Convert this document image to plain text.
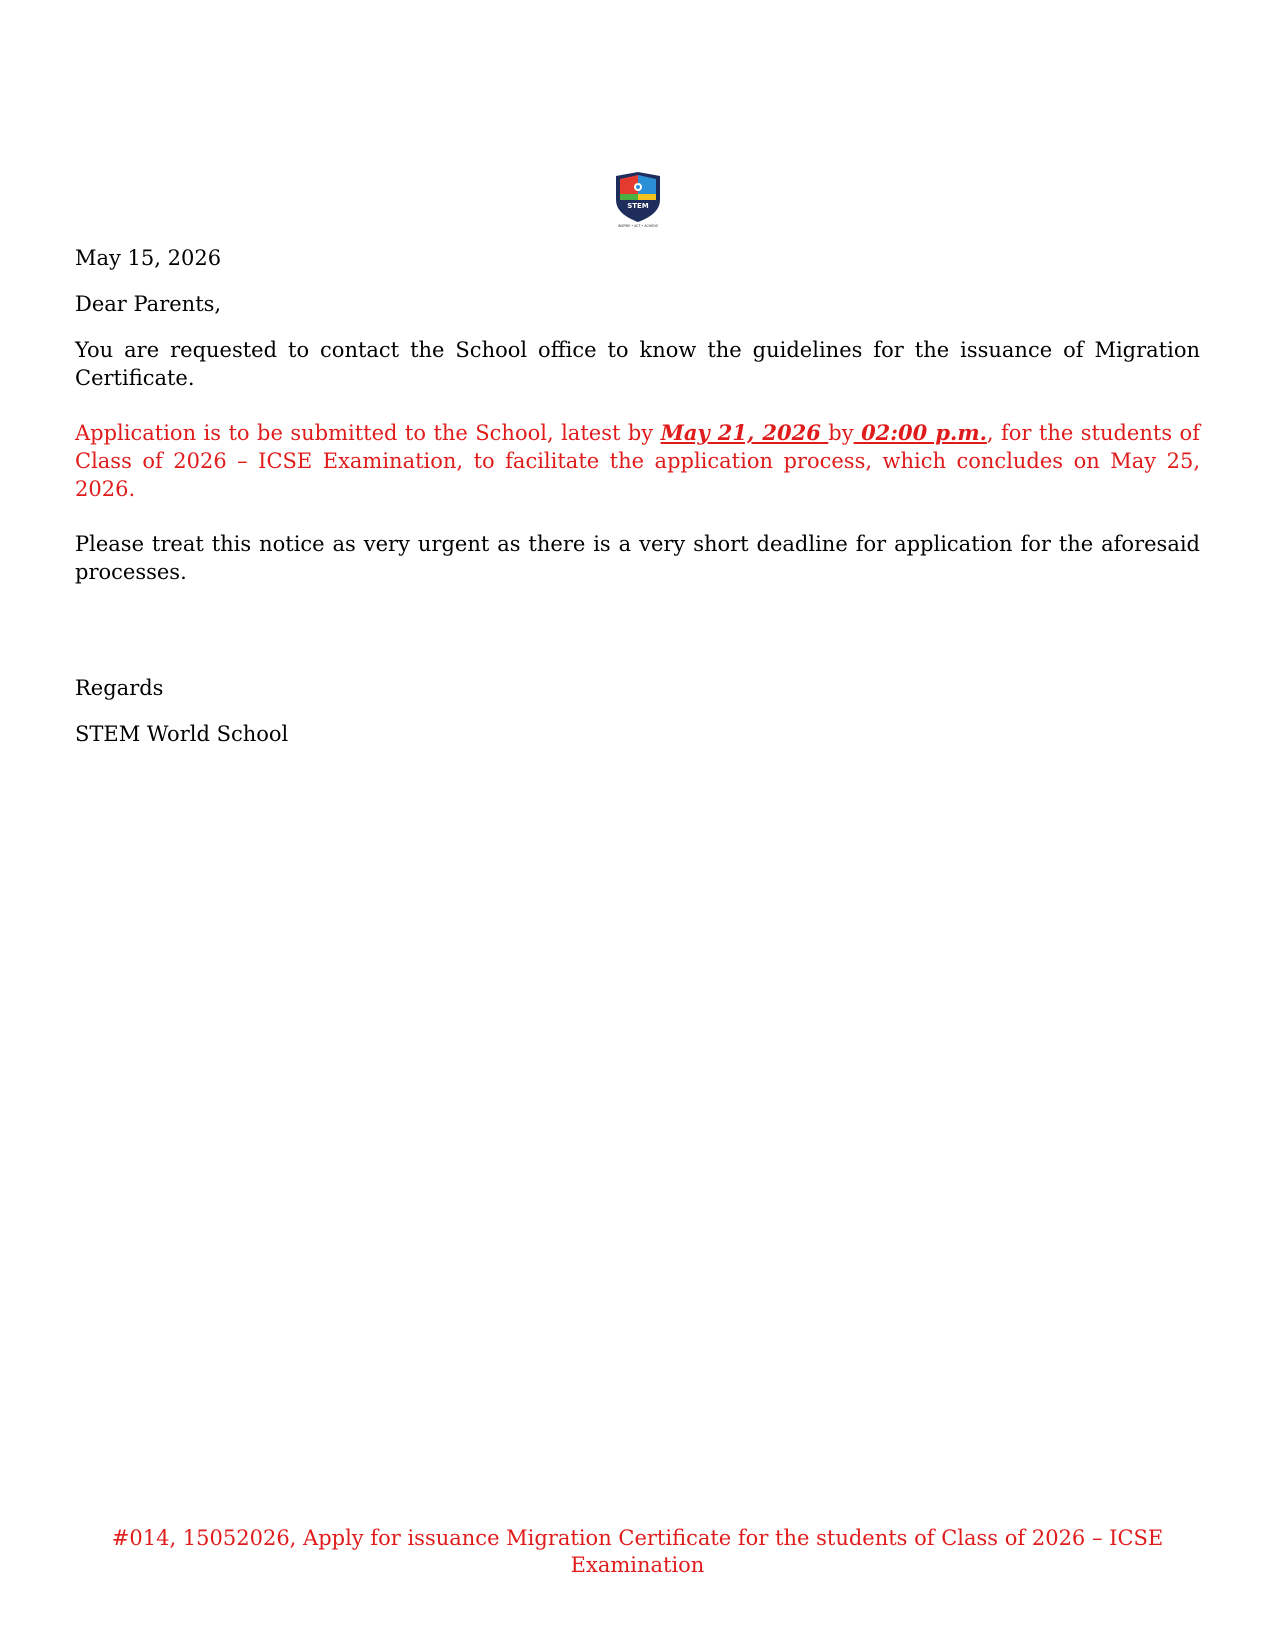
STEM
INSPIRE • ACT • ACHIEVE

May 15, 2026

Dear Parents,

You are requested to contact the School office to know the guidelines for the issuance of Migration Certificate.

Application is to be submitted to the School, latest by May 21, 2026 by 02:00 p.m., for the students of Class of 2026 – ICSE Examination, to facilitate the application process, which concludes on May 25, 2026.

Please treat this notice as very urgent as there is a very short deadline for application for the aforesaid processes.

Regards

STEM World School

#014, 15052026, Apply for issuance Migration Certificate for the students of Class of 2026 – ICSE Examination
